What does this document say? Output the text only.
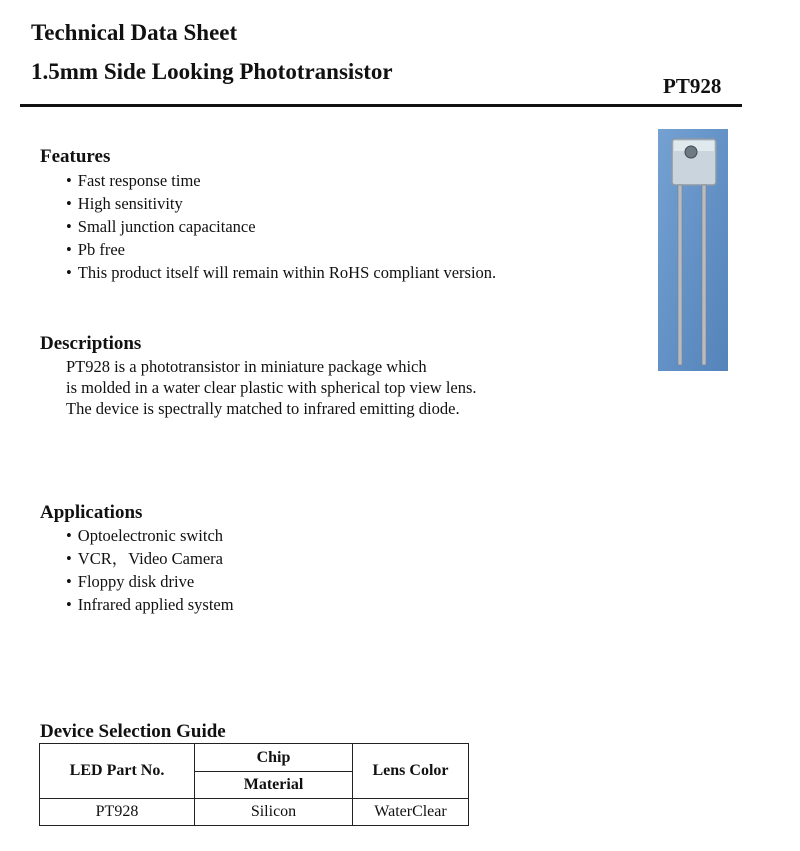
Technical Data Sheet
1.5mm Side Looking Phototransistor
PT928
Features
• Fast response time
• High sensitivity
• Small junction capacitance
• Pb free
• This product itself will remain within RoHS compliant version.
Descriptions
PT928 is a phototransistor in miniature package which
is molded in a water clear plastic with spherical top view lens.
The device is spectrally matched to infrared emitting diode.
Applications
• Optoelectronic switch
• VCR，Video Camera
• Floppy disk drive
• Infrared applied system
Device Selection Guide
LED Part No.	Chip	Lens Color
	Material	
PT928	Silicon	WaterClear
